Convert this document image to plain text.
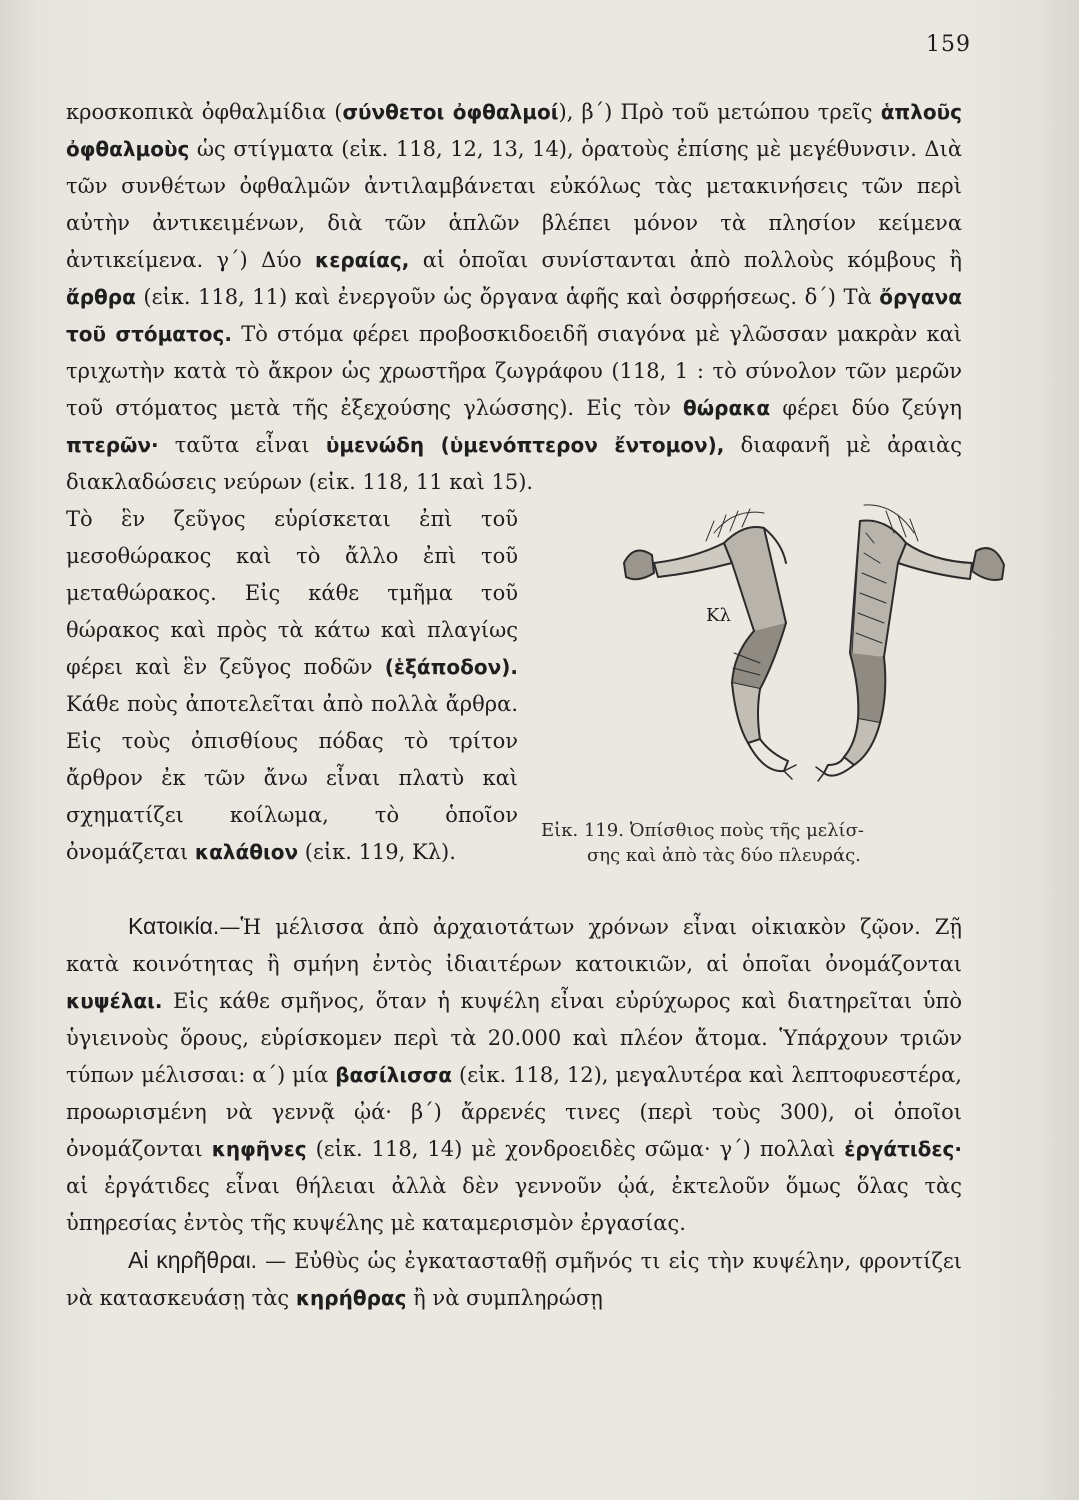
159

κροσκοπικὰ ὀφθαλμίδια (σύνθετοι ὀφθαλμοί), β΄) Πρὸ τοῦ μετώπου τρεῖς ἁπλοῦς ὀφθαλμοὺς ὡς στίγματα (εἰκ. 118, 12, 13, 14), ὁρατοὺς ἐπίσης μὲ μεγέθυνσιν. Διὰ τῶν συνθέτων ὀφθαλμῶν ἀντιλαμβάνεται εὐκόλως τὰς μετακινήσεις τῶν περὶ αὐτὴν ἀντικειμένων, διὰ τῶν ἁπλῶν βλέπει μόνον τὰ πλησίον κείμενα ἀντικείμενα. γ΄) Δύο κεραίας, αἱ ὁποῖαι συνίστανται ἀπὸ πολλοὺς κόμβους ἢ ἄρθρα (εἰκ. 118, 11) καὶ ἐνεργοῦν ὡς ὄργανα ἁφῆς καὶ ὀσφρήσεως. δ΄) Τὰ ὄργανα τοῦ στόματος. Τὸ στόμα φέρει προβοσκιδοειδῆ σιαγόνα μὲ γλῶσσαν μακρὰν καὶ τριχωτὴν κατὰ τὸ ἄκρον ὡς χρωστῆρα ζωγράφου (118, 1 : τὸ σύνολον τῶν μερῶν τοῦ στόματος μετὰ τῆς ἐξεχούσης γλώσσης). Εἰς τὸν θώρακα φέρει δύο ζεύγη πτερῶν· ταῦτα εἶναι ὑμενώδη (ὑμενόπτερον ἔντομον), διαφανῆ μὲ ἀραιὰς διακλαδώσεις νεύρων (εἰκ. 118, 11 καὶ 15).

Τὸ ἓν ζεῦγος εὑρίσκεται ἐπὶ τοῦ μεσοθώρακος καὶ τὸ ἄλλο ἐπὶ τοῦ μεταθώρακος. Εἰς κάθε τμῆμα τοῦ θώρακος καὶ πρὸς τὰ κάτω καὶ πλαγίως φέρει καὶ ἓν ζεῦγος ποδῶν (ἑξάποδον). Κάθε ποὺς ἀποτελεῖται ἀπὸ πολλὰ ἄρθρα. Εἰς τοὺς ὀπισθίους πόδας τὸ τρίτον ἄρθρον ἐκ τῶν ἄνω εἶναι πλατὺ καὶ σχηματίζει κοίλωμα, τὸ ὁποῖον ὀνομάζεται καλάθιον (εἰκ. 119, Κλ).

Κλ
Εἰκ. 119. Ὀπίσθιος ποὺς τῆς μελίσ-
σης καὶ ἀπὸ τὰς δύο πλευράς.

Κατοικία.—Ἡ μέλισσα ἀπὸ ἀρχαιοτάτων χρόνων εἶναι οἰκιακὸν ζῷον. Ζῇ κατὰ κοινότητας ἢ σμήνη ἐντὸς ἰδιαιτέρων κατοικιῶν, αἱ ὁποῖαι ὀνομάζονται κυψέλαι. Εἰς κάθε σμῆνος, ὅταν ἡ κυψέλη εἶναι εὐρύχωρος καὶ διατηρεῖται ὑπὸ ὑγιεινοὺς ὅρους, εὑρίσκομεν περὶ τὰ 20.000 καὶ πλέον ἄτομα. Ὑπάρχουν τριῶν τύπων μέλισσαι: α΄) μία βασίλισσα (εἰκ. 118, 12), μεγαλυτέρα καὶ λεπτοφυεστέρα, προωρισμένη νὰ γεννᾷ ᾠά· β΄) ἄρρενές τινες (περὶ τοὺς 300), οἱ ὁποῖοι ὀνομάζονται κηφῆνες (εἰκ. 118, 14) μὲ χονδροειδὲς σῶμα· γ΄) πολλαὶ ἐργάτιδες· αἱ ἐργάτιδες εἶναι θήλειαι ἀλλὰ δὲν γεννοῦν ᾠά, ἐκτελοῦν ὅμως ὅλας τὰς ὑπηρεσίας ἐντὸς τῆς κυψέλης μὲ καταμερισμὸν ἐργασίας.

Αἱ κηρῆθραι. — Εὐθὺς ὡς ἐγκατασταθῇ σμῆνός τι εἰς τὴν κυψέλην, φροντίζει νὰ κατασκευάσῃ τὰς κηρήθρας ἢ νὰ συμπληρώσῃ
